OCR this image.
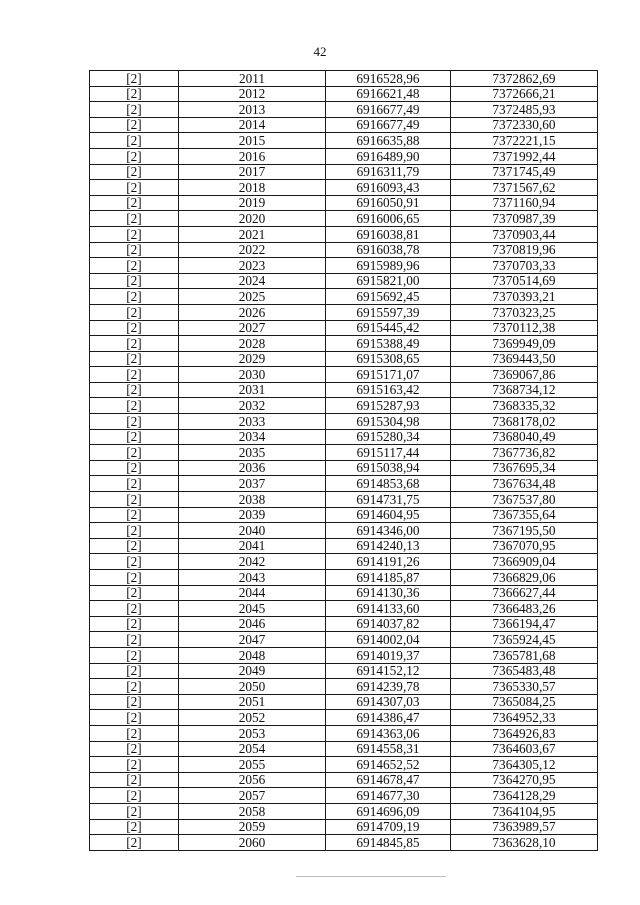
42
[2]	2011	6916528,96	7372862,69
[2]	2012	6916621,48	7372666,21
[2]	2013	6916677,49	7372485,93
[2]	2014	6916677,49	7372330,60
[2]	2015	6916635,88	7372221,15
[2]	2016	6916489,90	7371992,44
[2]	2017	6916311,79	7371745,49
[2]	2018	6916093,43	7371567,62
[2]	2019	6916050,91	7371160,94
[2]	2020	6916006,65	7370987,39
[2]	2021	6916038,81	7370903,44
[2]	2022	6916038,78	7370819,96
[2]	2023	6915989,96	7370703,33
[2]	2024	6915821,00	7370514,69
[2]	2025	6915692,45	7370393,21
[2]	2026	6915597,39	7370323,25
[2]	2027	6915445,42	7370112,38
[2]	2028	6915388,49	7369949,09
[2]	2029	6915308,65	7369443,50
[2]	2030	6915171,07	7369067,86
[2]	2031	6915163,42	7368734,12
[2]	2032	6915287,93	7368335,32
[2]	2033	6915304,98	7368178,02
[2]	2034	6915280,34	7368040,49
[2]	2035	6915117,44	7367736,82
[2]	2036	6915038,94	7367695,34
[2]	2037	6914853,68	7367634,48
[2]	2038	6914731,75	7367537,80
[2]	2039	6914604,95	7367355,64
[2]	2040	6914346,00	7367195,50
[2]	2041	6914240,13	7367070,95
[2]	2042	6914191,26	7366909,04
[2]	2043	6914185,87	7366829,06
[2]	2044	6914130,36	7366627,44
[2]	2045	6914133,60	7366483,26
[2]	2046	6914037,82	7366194,47
[2]	2047	6914002,04	7365924,45
[2]	2048	6914019,37	7365781,68
[2]	2049	6914152,12	7365483,48
[2]	2050	6914239,78	7365330,57
[2]	2051	6914307,03	7365084,25
[2]	2052	6914386,47	7364952,33
[2]	2053	6914363,06	7364926,83
[2]	2054	6914558,31	7364603,67
[2]	2055	6914652,52	7364305,12
[2]	2056	6914678,47	7364270,95
[2]	2057	6914677,30	7364128,29
[2]	2058	6914696,09	7364104,95
[2]	2059	6914709,19	7363989,57
[2]	2060	6914845,85	7363628,10
